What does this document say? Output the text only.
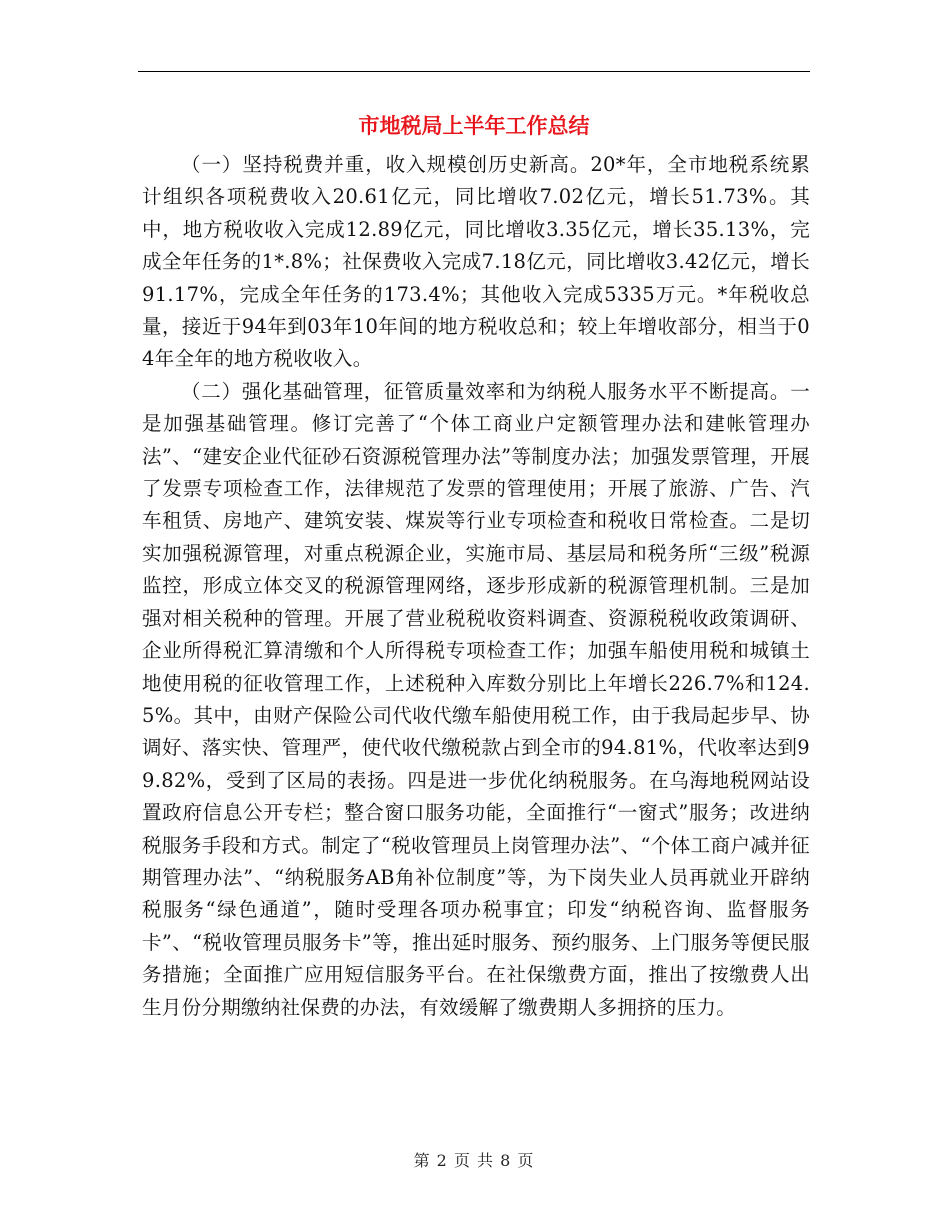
市地税局上半年工作总结

（一）坚持税费并重，收入规模创历史新高。20*年，全市地税系统累计组织各项税费收入20.61亿元，同比增收7.02亿元，增长51.73%。其中，地方税收收入完成12.89亿元，同比增收3.35亿元，增长35.13%，完成全年任务的1*.8%；社保费收入完成7.18亿元，同比增收3.42亿元，增长91.17%，完成全年任务的173.4%；其他收入完成5335万元。*年税收总量，接近于94年到03年10年间的地方税收总和；较上年增收部分，相当于04年全年的地方税收收入。

（二）强化基础管理，征管质量效率和为纳税人服务水平不断提高。一是加强基础管理。修订完善了“个体工商业户定额管理办法和建帐管理办法”、“建安企业代征砂石资源税管理办法”等制度办法；加强发票管理，开展了发票专项检查工作，法律规范了发票的管理使用；开展了旅游、广告、汽车租赁、房地产、建筑安装、煤炭等行业专项检查和税收日常检查。二是切实加强税源管理，对重点税源企业，实施市局、基层局和税务所“三级”税源监控，形成立体交叉的税源管理网络，逐步形成新的税源管理机制。三是加强对相关税种的管理。开展了营业税税收资料调查、资源税税收政策调研、企业所得税汇算清缴和个人所得税专项检查工作；加强车船使用税和城镇土地使用税的征收管理工作，上述税种入库数分别比上年增长226.7%和124.5%。其中，由财产保险公司代收代缴车船使用税工作，由于我局起步早、协调好、落实快、管理严，使代收代缴税款占到全市的94.81%，代收率达到99.82%，受到了区局的表扬。四是进一步优化纳税服务。在乌海地税网站设置政府信息公开专栏；整合窗口服务功能，全面推行“一窗式”服务；改进纳税服务手段和方式。制定了“税收管理员上岗管理办法”、“个体工商户减并征期管理办法”、“纳税服务AB角补位制度”等，为下岗失业人员再就业开辟纳税服务“绿色通道”，随时受理各项办税事宜；印发“纳税咨询、监督服务卡”、“税收管理员服务卡”等，推出延时服务、预约服务、上门服务等便民服务措施；全面推广应用短信服务平台。在社保缴费方面，推出了按缴费人出生月份分期缴纳社保费的办法，有效缓解了缴费期人多拥挤的压力。

第 2 页 共 8 页
